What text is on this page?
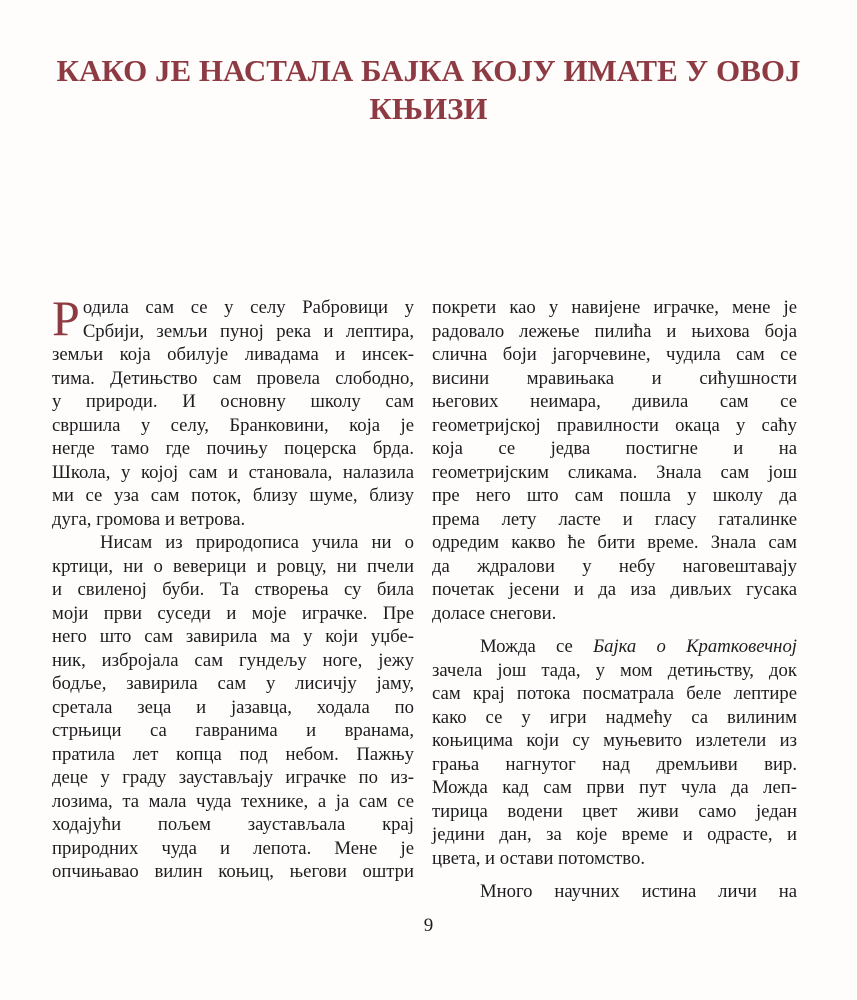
КАКО ЈЕ НАСТАЛА БАЈКА КОЈУ ИМАТЕ У ОВОЈ
КЊИЗИ

Р одила сам се у селу Рабровици у
Србији, земљи пуној река и лептира,
земљи која обилује ливадама и инсек-
тима. Детињство сам провела слободно,
у природи. И основну школу сам
свршила у селу, Бранковини, која је
негде тамо где почињу поцерска брда.
Школа, у којој сам и становала, налазила
ми се уза сам поток, близу шуме, близу
дуга, громова и ветрова.

Нисам из природописа учила ни о
кртици, ни о веверици и ровцу, ни пчели
и свиленој буби. Та створења су била
моји први суседи и моје играчке. Пре
него што сам завирила ма у који уџбе-
ник, избројала сам гундељу ноге, јежу
бодље, завирила сам у лисичју јаму,
сретала зеца и јазавца, ходала по
стрњици са гавранима и вранама,
пратила лет копца под небом. Пажњу
деце у граду заустављају играчке по из-
лозима, та мала чуда технике, а ја сам се
ходајући пољем заустављала крај
природних чуда и лепота. Мене је
опчињавао вилин коњиц, његови оштри

покрети као у навијене играчке, мене је
радовало лежење пилића и њихова боја
слична боји јагорчевине, чудила сам се
висини мравињака и сићушности
његових неимара, дивила сам се
геометријској правилности окаца у саћу
која се једва постигне и на
геометријским сликама. Знала сам још
пре него што сам пошла у школу да
према лету ласте и гласу гаталинке
одредим какво ће бити време. Знала сам
да ждралови у небу наговештавају
почетак јесени и да иза дивљих гусака
доласе снегови.

Можда се Бајка о Кратковечној

зачела још тада, у мом детињству, док
сам крај потока посматрала беле лептире
како се у игри надмећу са вилиним
коњицима који су муњевито излетели из
грања нагнутог над дремљиви вир.
Можда кад сам први пут чула да леп-
тирица водени цвет живи само један
једини дан, за које време и одрасте, и
цвета, и остави потомство.

Много научних истина личи на
9
